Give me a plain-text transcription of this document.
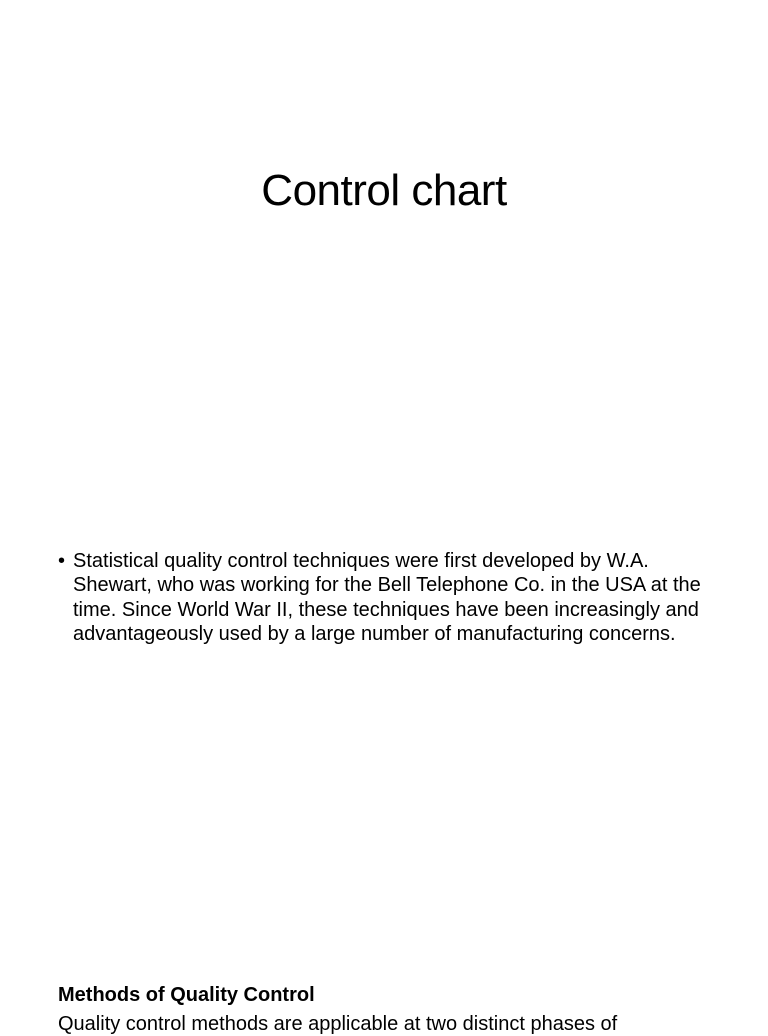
Control chart
• Statistical quality control techniques were first developed by W.A. Shewart, who was working for the Bell Telephone Co. in the USA at the time. Since World War II, these techniques have been increasingly and advantageously used by a large number of manufacturing concerns.
Methods of Quality Control

Quality control methods are applicable at two distinct phases of
